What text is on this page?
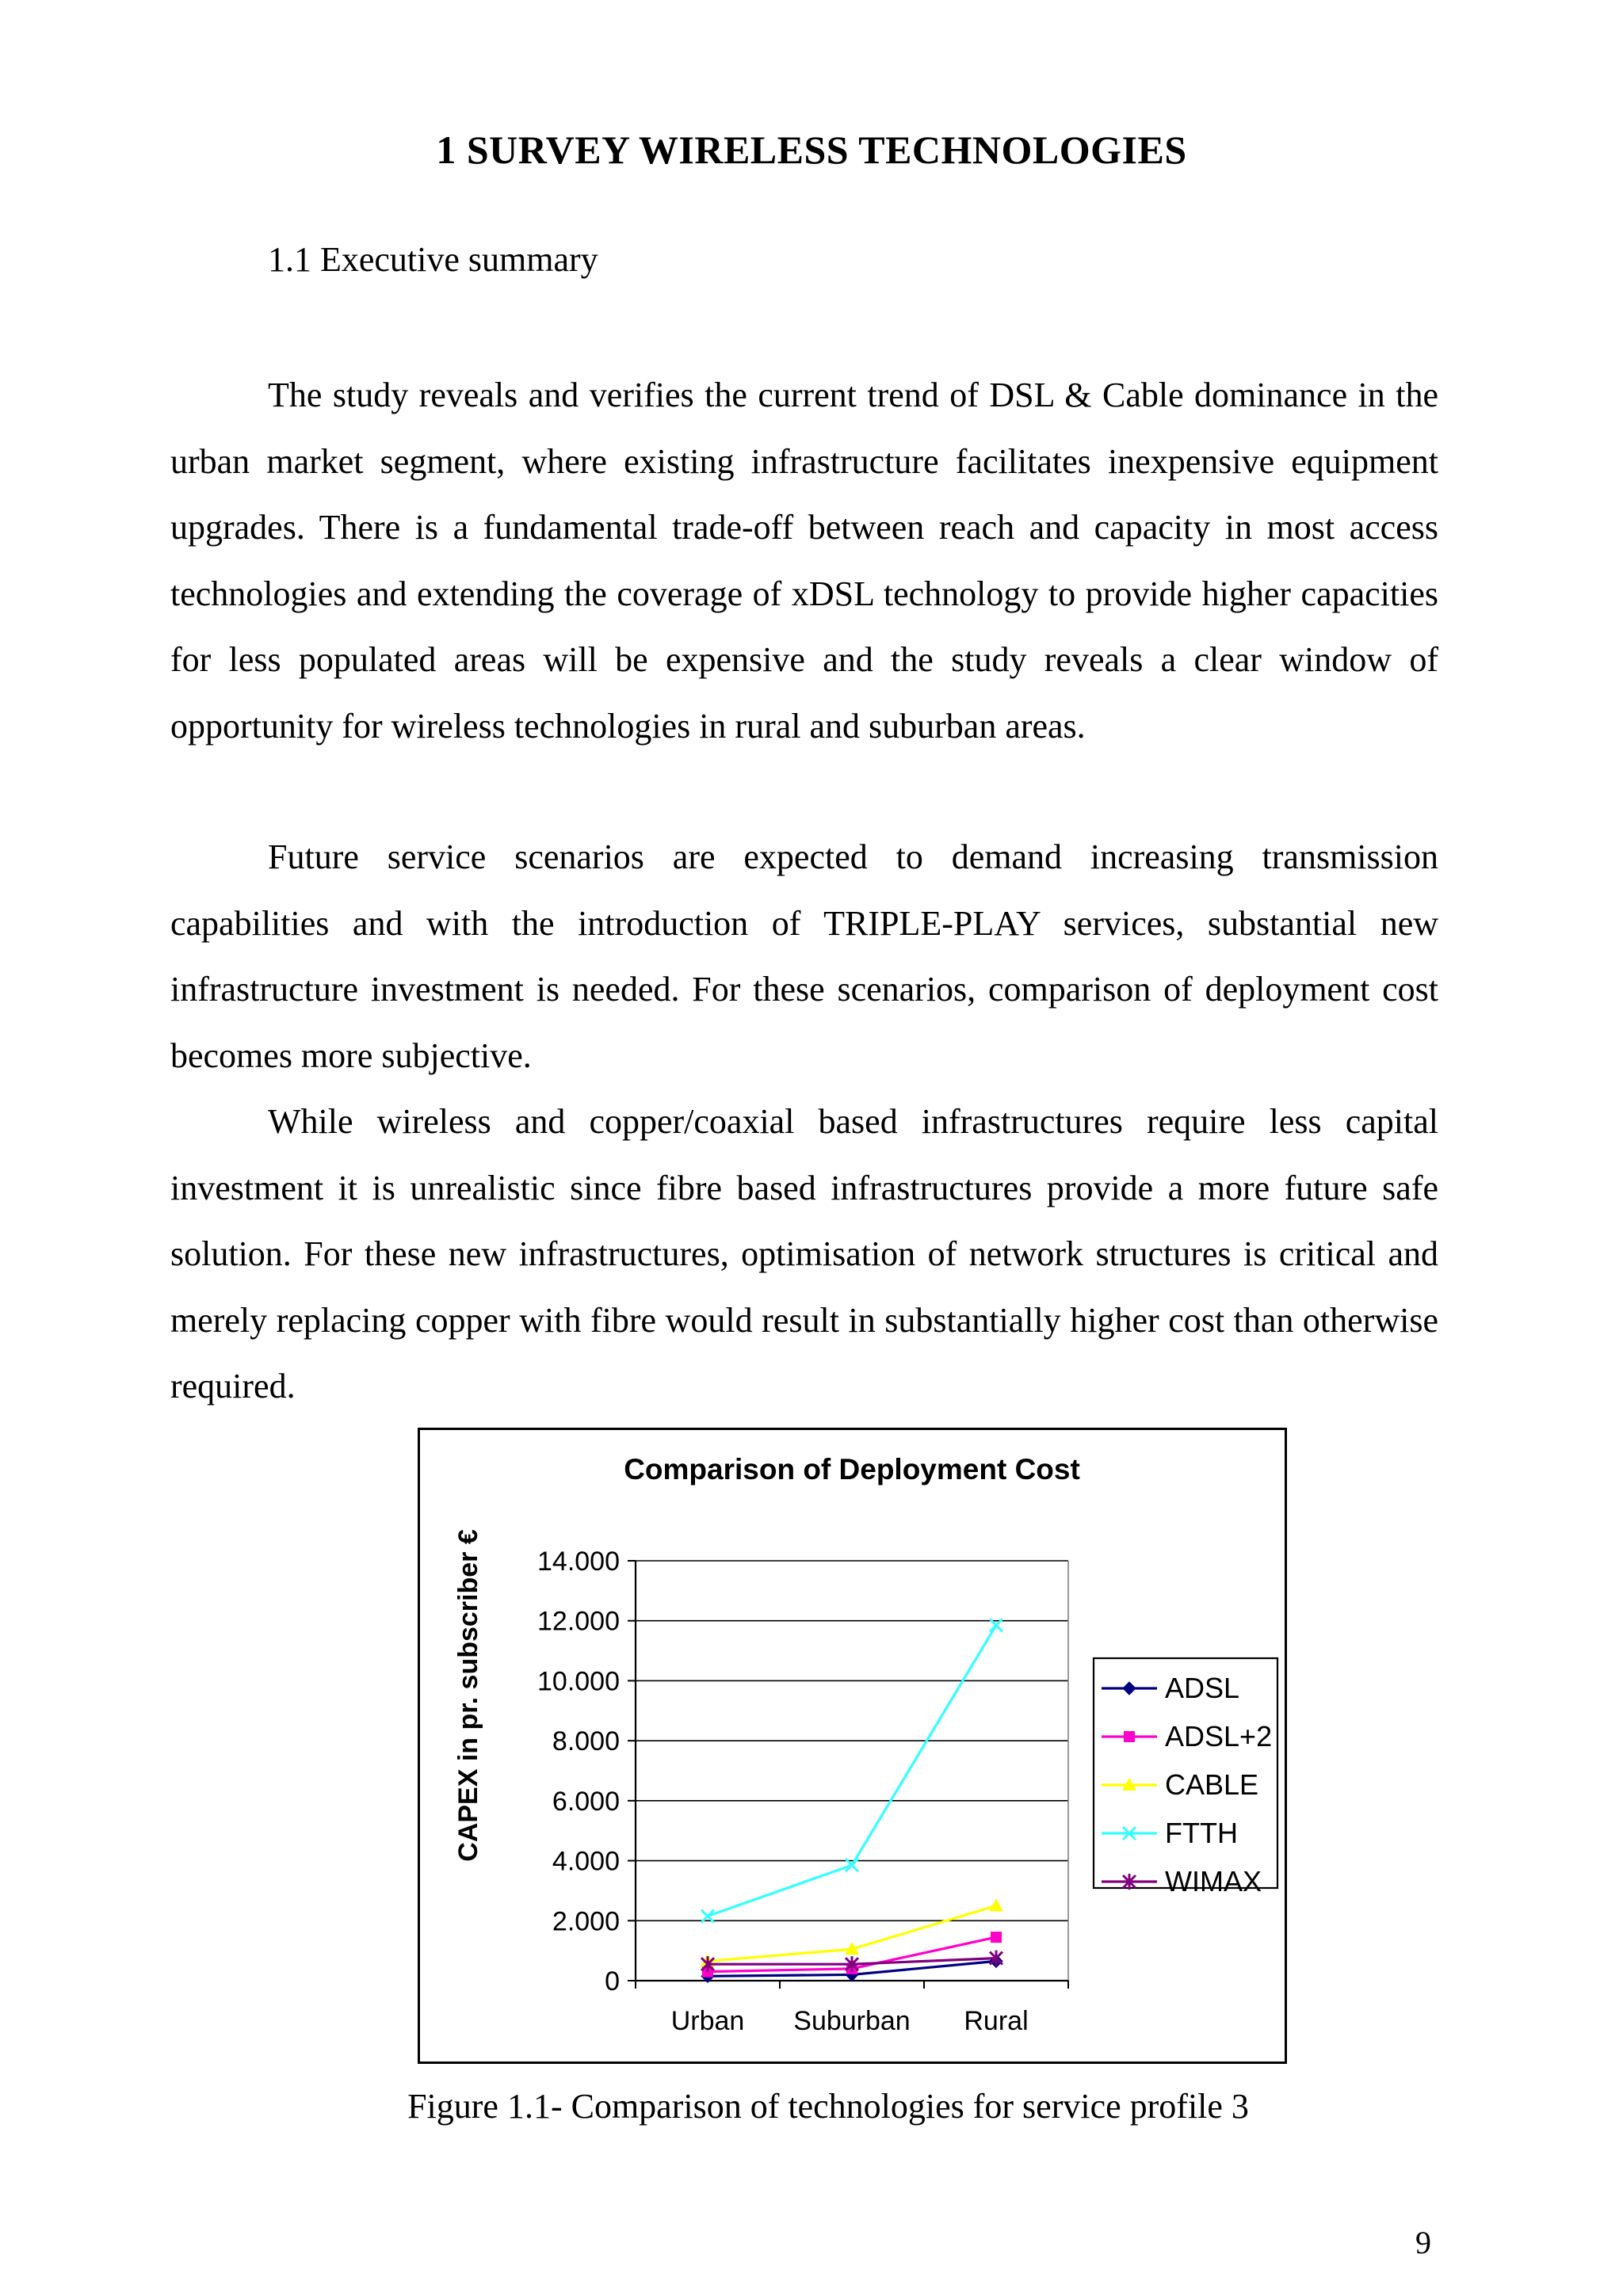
1 SURVEY WIRELESS TECHNOLOGIES
1.1 Executive summary

The study reveals and verifies the current trend of DSL & Cable dominance in the urban market segment, where existing infrastructure facilitates inexpensive equipment upgrades. There is a fundamental trade-off between reach and capacity in most access technologies and extending the coverage of xDSL technology to provide higher capacities for less populated areas will be expensive and the study reveals a clear window of opportunity for wireless technologies in rural and suburban areas.

Future service scenarios are expected to demand increasing transmission capabilities and with the introduction of TRIPLE-PLAY services, substantial new infrastructure investment is needed. For these scenarios, comparison of deployment cost becomes more subjective.

While wireless and copper/coaxial based infrastructures require less capital investment it is unrealistic since fibre based infrastructures provide a more future safe solution. For these new infrastructures, optimisation of network structures is critical and merely replacing copper with fibre would result in substantially higher cost than otherwise required.

Comparison of Deployment Cost
CAPEX in pr. subscriber €
0
2.000
4.000
6.000
8.000
10.000
12.000
14.000
Urban Suburban Rural
ADSL
ADSL+2
CABLE
FTTH
WIMAX
Figure 1.1- Comparison of technologies for service profile 3
9
